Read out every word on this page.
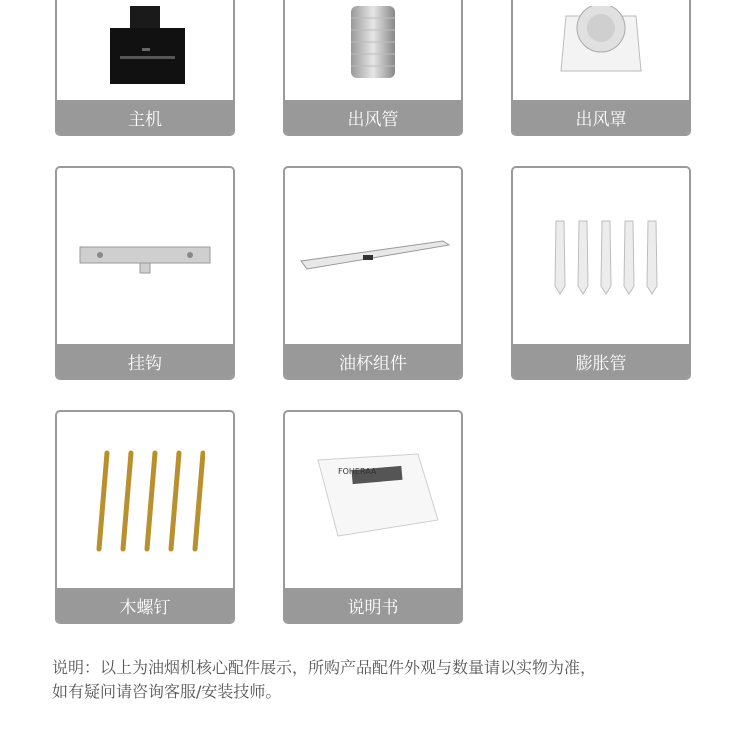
主机	出风管	出风罩
挂钩	油杯组件	膨胀管
木螺钉
FOHERAA
说明书
说明：以上为油烟机核心配件展示，所购产品配件外观与数量请以实物为准，
如有疑问请咨询客服/安装技师。
